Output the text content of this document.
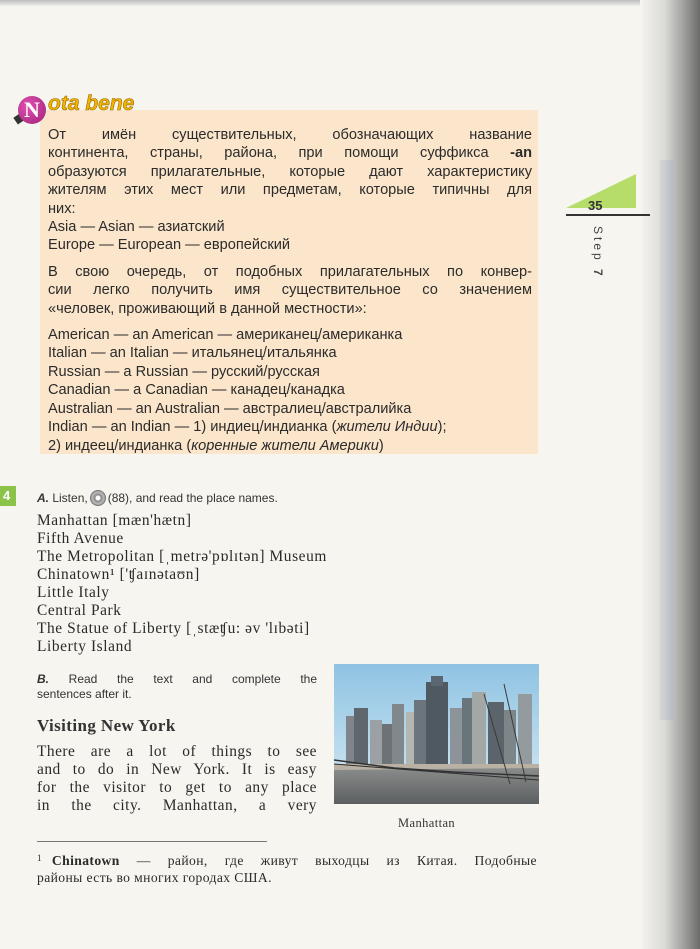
N ota bene

От имён существительных, обозначающих название

континента, страны, района, при помощи суффикса -an

образуются прилагательные, которые дают характеристику

жителям этих мест или предметам, которые типичны для

них:

Asia — Asian — азиатский

Europe — European — европейский

В свою очередь, от подобных прилагательных по конвер-

сии легко получить имя существительное со значением

«человек, проживающий в данной местности»:

American — an American — американец/американка

Italian — an Italian — итальянец/итальянка

Russian — a Russian — русский/русская

Canadian — a Canadian — канадец/канадка

Australian — an Australian — австралиец/австралийка

Indian — an Indian — 1) индиец/индианка (жители Индии);

2) индеец/индианка (коренные жители Америки)

35
Step 7
4	A. Listen, (88), and read the place names.
Manhattan [mæn'hætn]
Fifth Avenue
The Metropolitan [ˌmetrə'pɒlɪtən] Museum
Chinatown¹ ['ʧaɪnətaʊn]
Little Italy
Central Park
The Statue of Liberty [ˌstæʧu: əv 'lɪbəti]
Liberty Island

B. Read the text and complete the

sentences after it.

Visiting New York

There are a lot of things to see

and to do in New York. It is easy

for the visitor to get to any place

in the city. Manhattan, a very

Manhattan

$^1$ Chinatown — район, где живут выходцы из Китая. Подобные

районы есть во многих городах США.
